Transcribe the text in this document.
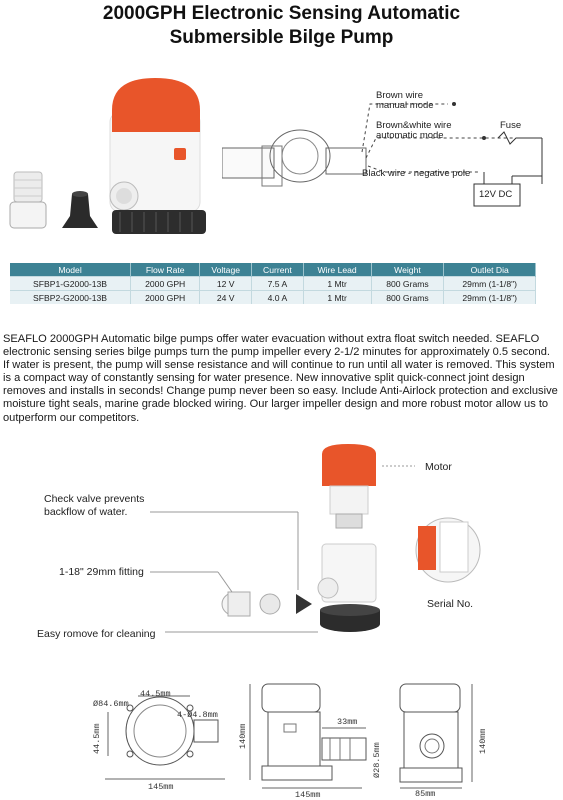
2000GPH Electronic Sensing Automatic
Submersible Bilge Pump
Brown wire
manual mode
Brown&white wire
automatic mode
Fuse
Black wire - negative pole
12V DC
Model	Flow Rate	Voltage	Current	Wire Lead	Weight	Outlet Dia
SFBP1-G2000-13B	2000 GPH	12 V	7.5 A	1 Mtr	800 Grams	29mm (1-1/8")
SFBP2-G2000-13B	2000 GPH	24 V	4.0 A	1 Mtr	800 Grams	29mm (1-1/8")
SEAFLO 2000GPH Automatic bilge pumps offer water evacuation without extra float switch needed. SEAFLO electronic sensing series bilge pumps turn the pump impeller every 2-1/2 minutes for approximately 0.5 second. If water is present, the pump will sense resistance and will continue to run until all water is removed. This system is a compact way of constantly sensing for water presence. New innovative split quick-connect joint design removes and installs in seconds! Change pump never been so easy. Include Anti-Airlock protection and exclusive moisture tight seals, marine grade blocked wiring. Our larger impeller design and more robust motor allow us to outperform our competitors.
Motor
Check valve prevents
backflow of water.
1-18" 29mm fitting
Serial No.
Easy romove for cleaning
44.5mm
Ø84.6mm
4-Ø4.8mm
44.5mm
145mm
140mm
33mm
Ø28.5mm
145mm
140mm
85mm
